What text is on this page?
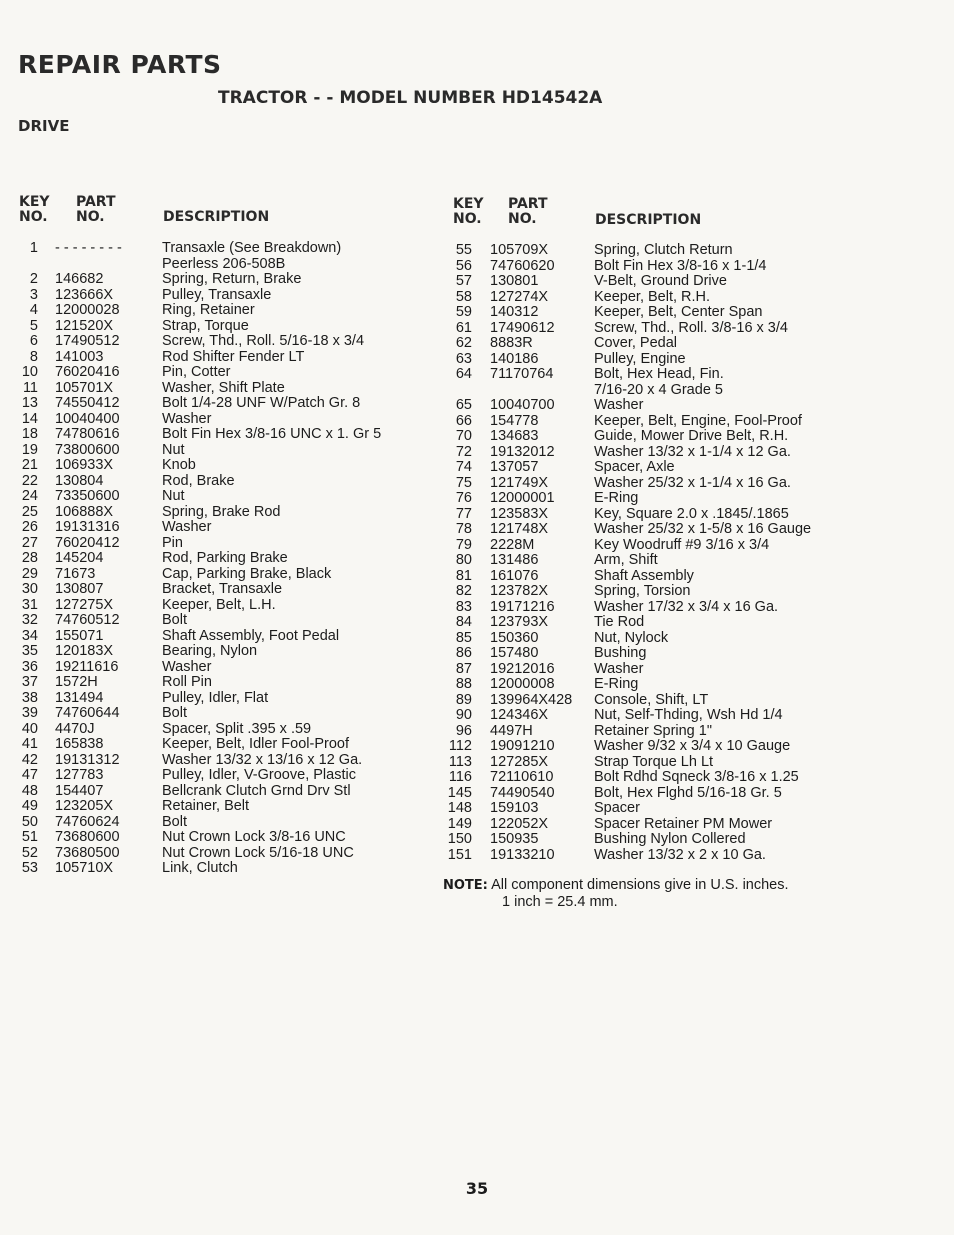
REPAIR PARTS
TRACTOR - - MODEL NUMBER HD14542A
DRIVE
KEY
NO.
PART
NO.	DESCRIPTION
KEY
NO.
PART
NO.	DESCRIPTION
1 - - - - - - - -	Transaxle (See Breakdown)
Peerless 206-508B
2 146682	Spring, Return, Brake
3 123666X	Pulley, Transaxle
4 12000028	Ring, Retainer
5 121520X	Strap, Torque
6 17490512	Screw, Thd., Roll. 5/16-18 x 3/4
8 141003	Rod Shifter Fender LT
10 76020416	Pin, Cotter
11 105701X	Washer, Shift Plate
13 74550412	Bolt 1/4-28 UNF W/Patch Gr. 8
14 10040400	Washer
18 74780616	Bolt Fin Hex 3/8-16 UNC x 1. Gr 5
19 73800600	Nut
21 106933X	Knob
22 130804	Rod, Brake
24 73350600	Nut
25 106888X	Spring, Brake Rod
26 19131316	Washer
27 76020412	Pin
28 145204	Rod, Parking Brake
29 71673	Cap, Parking Brake, Black
30 130807	Bracket, Transaxle
31 127275X	Keeper, Belt, L.H.
32 74760512	Bolt
34 155071	Shaft Assembly, Foot Pedal
35 120183X	Bearing, Nylon
36 19211616	Washer
37 1572H	Roll Pin
38 131494	Pulley, Idler, Flat
39 74760644	Bolt
40 4470J	Spacer, Split .395 x .59
41 165838	Keeper, Belt, Idler Fool-Proof
42 19131312	Washer 13/32 x 13/16 x 12 Ga.
47 127783	Pulley, Idler, V-Groove, Plastic
48 154407	Bellcrank Clutch Grnd Drv Stl
49 123205X	Retainer, Belt
50 74760624	Bolt
51 73680600	Nut Crown Lock 3/8-16 UNC
52 73680500	Nut Crown Lock 5/16-18 UNC
53 105710X	Link, Clutch
55 105709X	Spring, Clutch Return
56 74760620	Bolt Fin Hex 3/8-16 x 1-1/4
57 130801	V-Belt, Ground Drive
58 127274X	Keeper, Belt, R.H.
59 140312	Keeper, Belt, Center Span
61 17490612	Screw, Thd., Roll. 3/8-16 x 3/4
62 8883R	Cover, Pedal
63 140186	Pulley, Engine
64 71170764	Bolt, Hex Head, Fin.
7/16-20 x 4 Grade 5
65 10040700	Washer
66 154778	Keeper, Belt, Engine, Fool-Proof
70 134683	Guide, Mower Drive Belt, R.H.
72 19132012	Washer 13/32 x 1-1/4 x 12 Ga.
74 137057	Spacer, Axle
75 121749X	Washer 25/32 x 1-1/4 x 16 Ga.
76 12000001	E-Ring
77 123583X	Key, Square 2.0 x .1845/.1865
78 121748X	Washer 25/32 x 1-5/8 x 16 Gauge
79 2228M	Key Woodruff #9 3/16 x 3/4
80 131486	Arm, Shift
81 161076	Shaft Assembly
82 123782X	Spring, Torsion
83 19171216	Washer 17/32 x 3/4 x 16 Ga.
84 123793X	Tie Rod
85 150360	Nut, Nylock
86 157480	Bushing
87 19212016	Washer
88 12000008	E-Ring
89 139964X428 Console, Shift, LT
90 124346X	Nut, Self-Thding, Wsh Hd 1/4
96 4497H	Retainer Spring 1"
112 19091210	Washer 9/32 x 3/4 x 10 Gauge
113 127285X	Strap Torque Lh Lt
116 72110610	Bolt Rdhd Sqneck 3/8-16 x 1.25
145 74490540	Bolt, Hex Flghd 5/16-18 Gr. 5
148 159103	Spacer
149 122052X	Spacer Retainer PM Mower
150 150935	Bushing Nylon Collered
151 19133210	Washer 13/32 x 2 x 10 Ga.
NOTE: All component dimensions give in U.S. inches.
1 inch = 25.4 mm.
35
